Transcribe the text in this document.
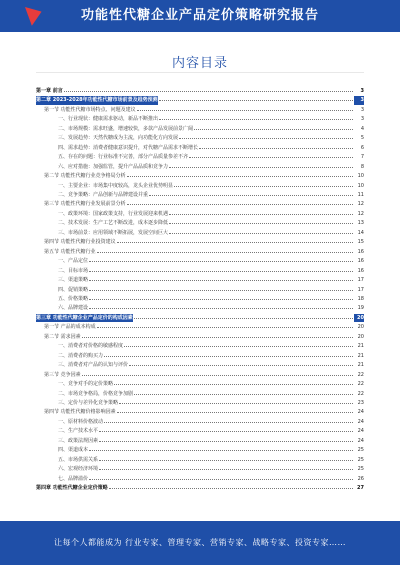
功能性代糖企业产品定价策略研究报告
内容目录
第一章 前言	3
第二章 2023-2028年功能性代糖市场前景及趋势预测	3
第一节 功能性代糖市场特点、问题及建议	3
一、行业现状：健康需求驱动，新品不断推出	3
二、市场规模：需求旺盛，增速较快，多款产品发展前景广阔	4
三、发展趋势：天然代糖成为主流，向功能化方向发展	5
四、需求趋势：消费者健康意识提升，对代糖产品需求不断增长	6
五、存在的问题：行业标准不完善，部分产品质量参差不齐	7
六、应对措施：加强监管，提升产品品质和竞争力	8
第二节 功能性代糖行业竞争格局分析	10
一、主要企业：市场集中度较高，龙头企业优势明显	10
二、竞争策略：产品创新与品牌建设并重	11
第三节 功能性代糖行业发展前景分析	12
一、政策环境：国家政策支持，行业发展迎来机遇	12
二、技术发展：生产工艺不断改进，成本逐步降低	13
三、市场前景：应用领域不断拓展，发展空间巨大	14
第四节 功能性代糖行业投资建议	15
第五节 功能性代糖行业	16
一、产品定位	16
二、目标市场	16
三、渠道策略	17
四、促销策略	17
五、价格策略	18
六、品牌建设	19
第三章 功能性代糖企业产品定价的构成因素	20
第一节 产品的成本构成	20
第二节 需求因素	20
一、消费者对价格的敏感程度	21
二、消费者的购买力	21
三、消费者对产品的认知与评价	21
第三节 竞争因素	22
一、竞争对手的定价策略	22
二、市场竞争格局，价格竞争加剧	22
三、定价与差异化竞争策略	23
第四节 功能性代糖价格影响因素	24
一、原材料价格波动	24
二、生产技术水平	24
三、政策法规因素	24
四、渠道成本	25
五、市场供需关系	25
六、宏观经济环境	25
七、品牌溢价	26
第四章 功能性代糖企业定价策略	27
让每个人都能成为 行业专家、管理专家、营销专家、战略专家、投资专家……
